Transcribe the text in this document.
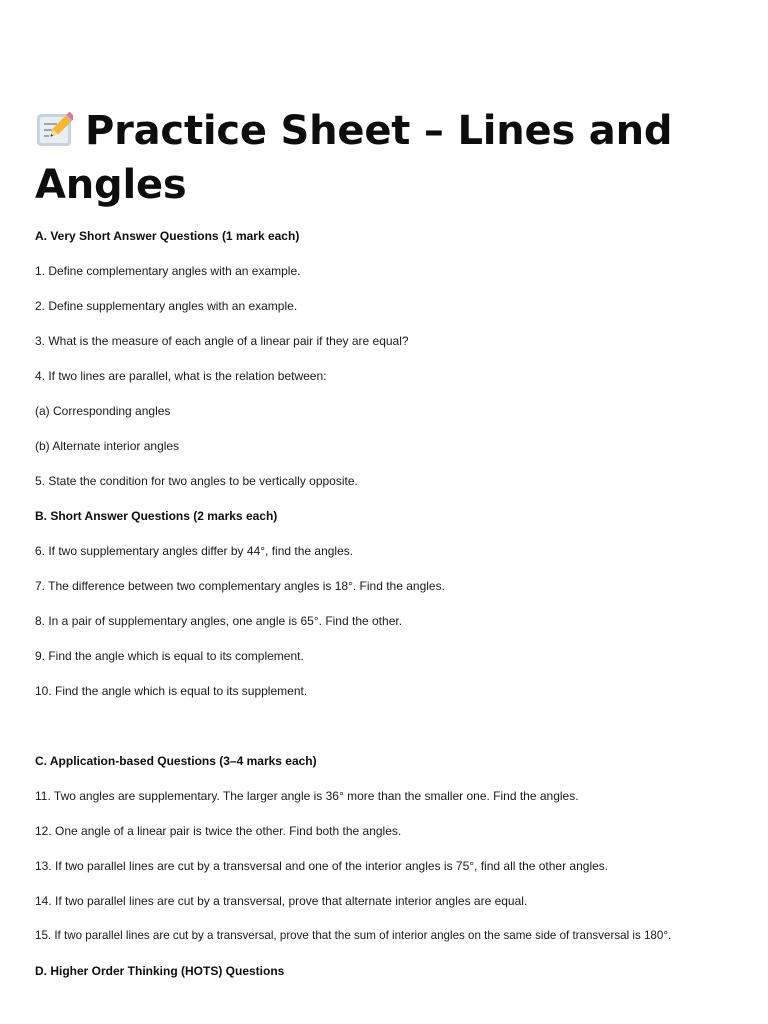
Practice Sheet – Lines and Angles

A. Very Short Answer Questions (1 mark each)

1. Define complementary angles with an example.

2. Define supplementary angles with an example.

3. What is the measure of each angle of a linear pair if they are equal?

4. If two lines are parallel, what is the relation between:

(a) Corresponding angles

(b) Alternate interior angles

5. State the condition for two angles to be vertically opposite.

B. Short Answer Questions (2 marks each)

6. If two supplementary angles differ by 44°, find the angles.

7. The difference between two complementary angles is 18°. Find the angles.

8. In a pair of supplementary angles, one angle is 65°. Find the other.

9. Find the angle which is equal to its complement.

10. Find the angle which is equal to its supplement.

C. Application-based Questions (3–4 marks each)

11. Two angles are supplementary. The larger angle is 36° more than the smaller one. Find the angles.

12. One angle of a linear pair is twice the other. Find both the angles.

13. If two parallel lines are cut by a transversal and one of the interior angles is 75°, find all the other angles.

14. If two parallel lines are cut by a transversal, prove that alternate interior angles are equal.

15. If two parallel lines are cut by a transversal, prove that the sum of interior angles on the same side of transversal is 180°.

D. Higher Order Thinking (HOTS) Questions
